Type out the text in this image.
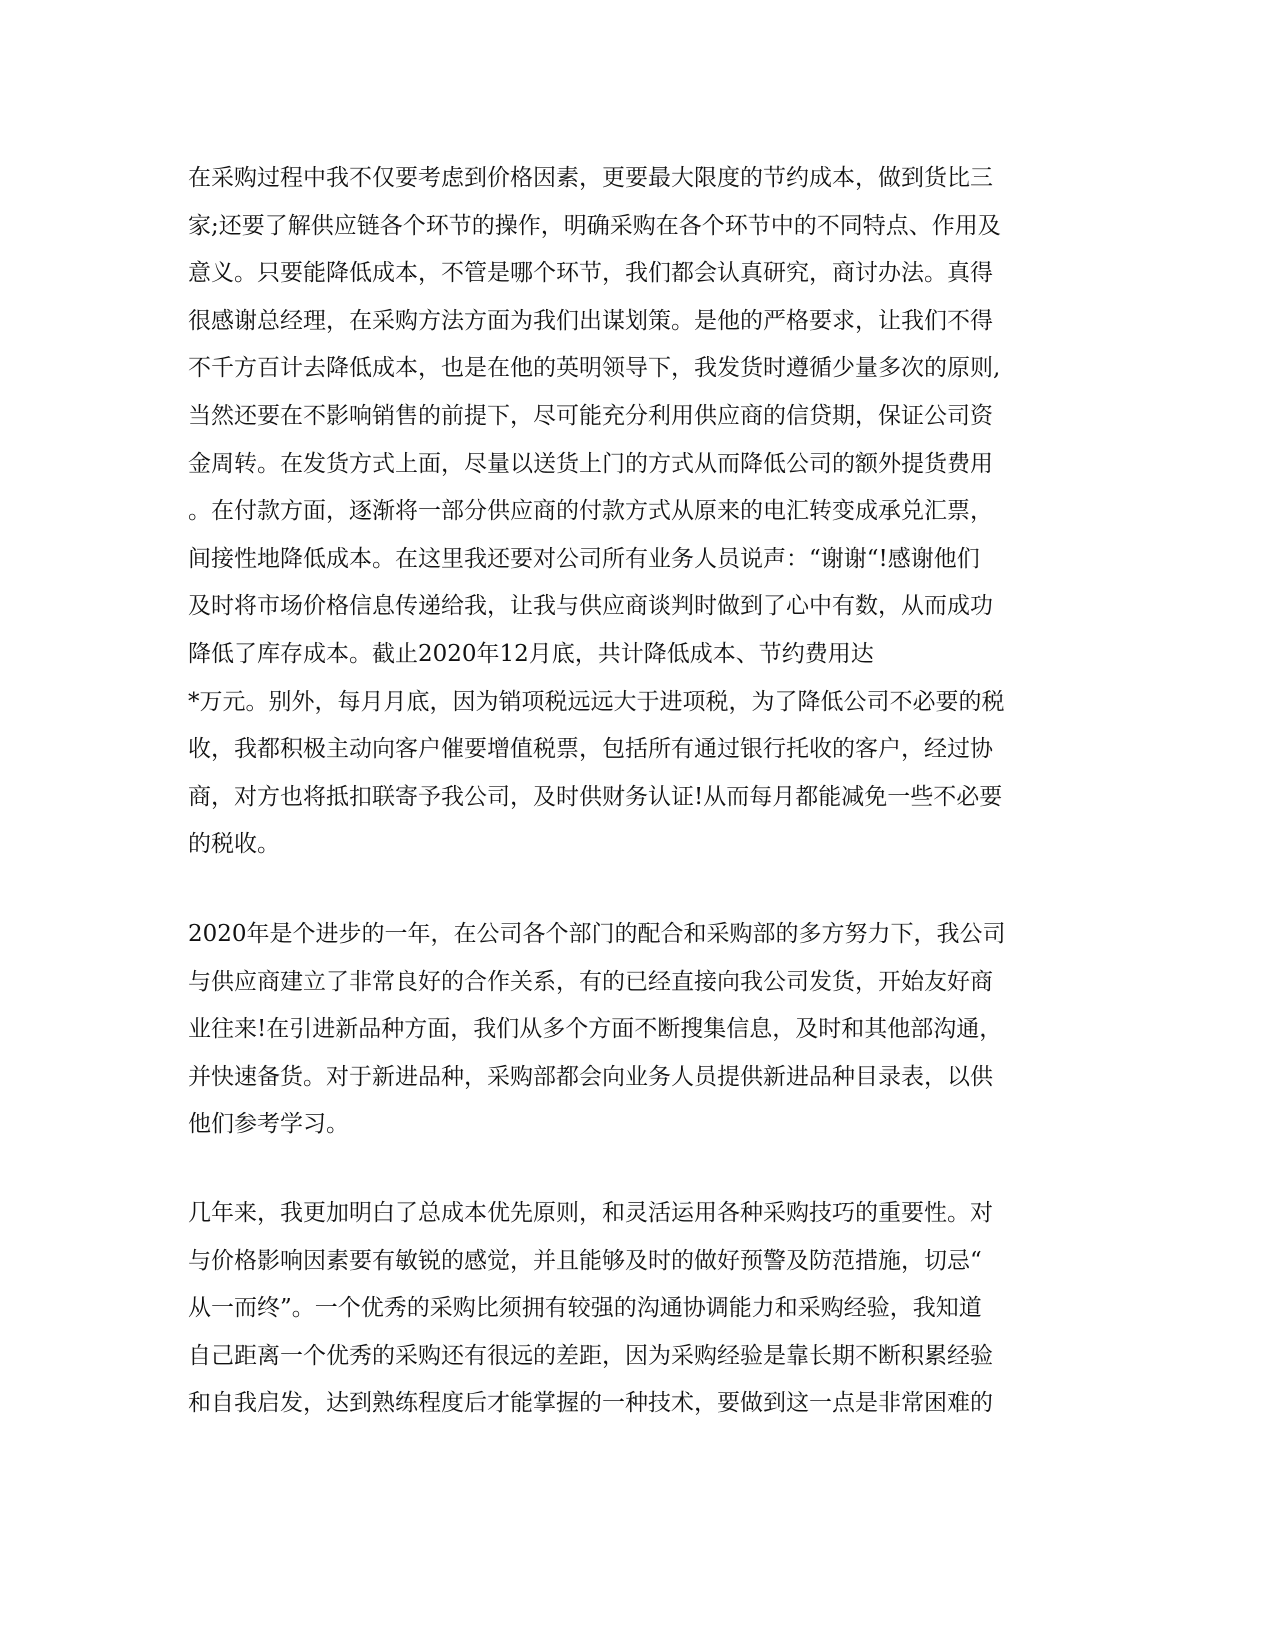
在采购过程中我不仅要考虑到价格因素，更要最大限度的节约成本，做到货比三
家;还要了解供应链各个环节的操作，明确采购在各个环节中的不同特点、作用及
意义。只要能降低成本，不管是哪个环节，我们都会认真研究，商讨办法。真得
很感谢总经理，在采购方法方面为我们出谋划策。是他的严格要求，让我们不得
不千方百计去降低成本，也是在他的英明领导下，我发货时遵循少量多次的原则,
当然还要在不影响销售的前提下，尽可能充分利用供应商的信贷期，保证公司资
金周转。在发货方式上面，尽量以送货上门的方式从而降低公司的额外提货费用
。在付款方面，逐渐将一部分供应商的付款方式从原来的电汇转变成承兑汇票，
间接性地降低成本。在这里我还要对公司所有业务人员说声：“谢谢“!感谢他们
及时将市场价格信息传递给我，让我与供应商谈判时做到了心中有数，从而成功
降低了库存成本。截止2020年12月底，共计降低成本、节约费用达
*万元。别外，每月月底，因为销项税远远大于进项税，为了降低公司不必要的税
收，我都积极主动向客户催要增值税票，包括所有通过银行托收的客户，经过协
商，对方也将抵扣联寄予我公司，及时供财务认证!从而每月都能减免一些不必要
的税收。
2020年是个进步的一年，在公司各个部门的配合和采购部的多方努力下，我公司
与供应商建立了非常良好的合作关系，有的已经直接向我公司发货，开始友好商
业往来!在引进新品种方面，我们从多个方面不断搜集信息，及时和其他部沟通，
并快速备货。对于新进品种，采购部都会向业务人员提供新进品种目录表，以供
他们参考学习。
几年来，我更加明白了总成本优先原则，和灵活运用各种采购技巧的重要性。对
与价格影响因素要有敏锐的感觉，并且能够及时的做好预警及防范措施，切忌“
从一而终”。一个优秀的采购比须拥有较强的沟通协调能力和采购经验，我知道
自己距离一个优秀的采购还有很远的差距，因为采购经验是靠长期不断积累经验
和自我启发，达到熟练程度后才能掌握的一种技术，要做到这一点是非常困难的
